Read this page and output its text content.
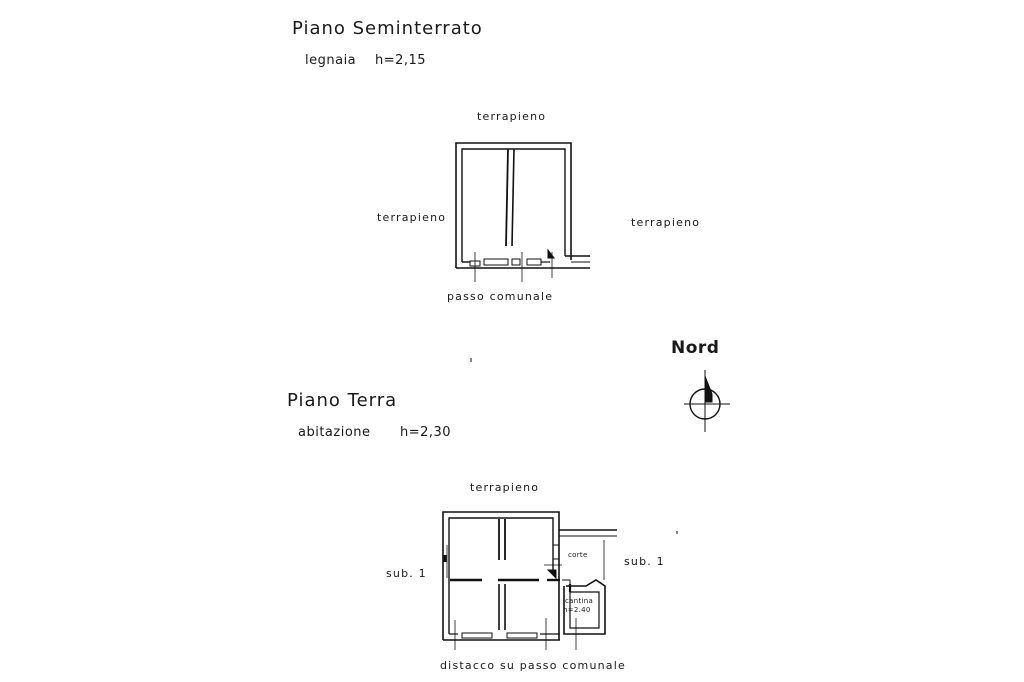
Piano Seminterrato
legnaia h=2,15
terrapieno
terrapieno	terrapieno
passo comunale
Piano Terra
abitazione h=2,30
terrapieno
sub. 1
sub. 1
corte
cantina
h=2.40
distacco su passo comunale
Nord
